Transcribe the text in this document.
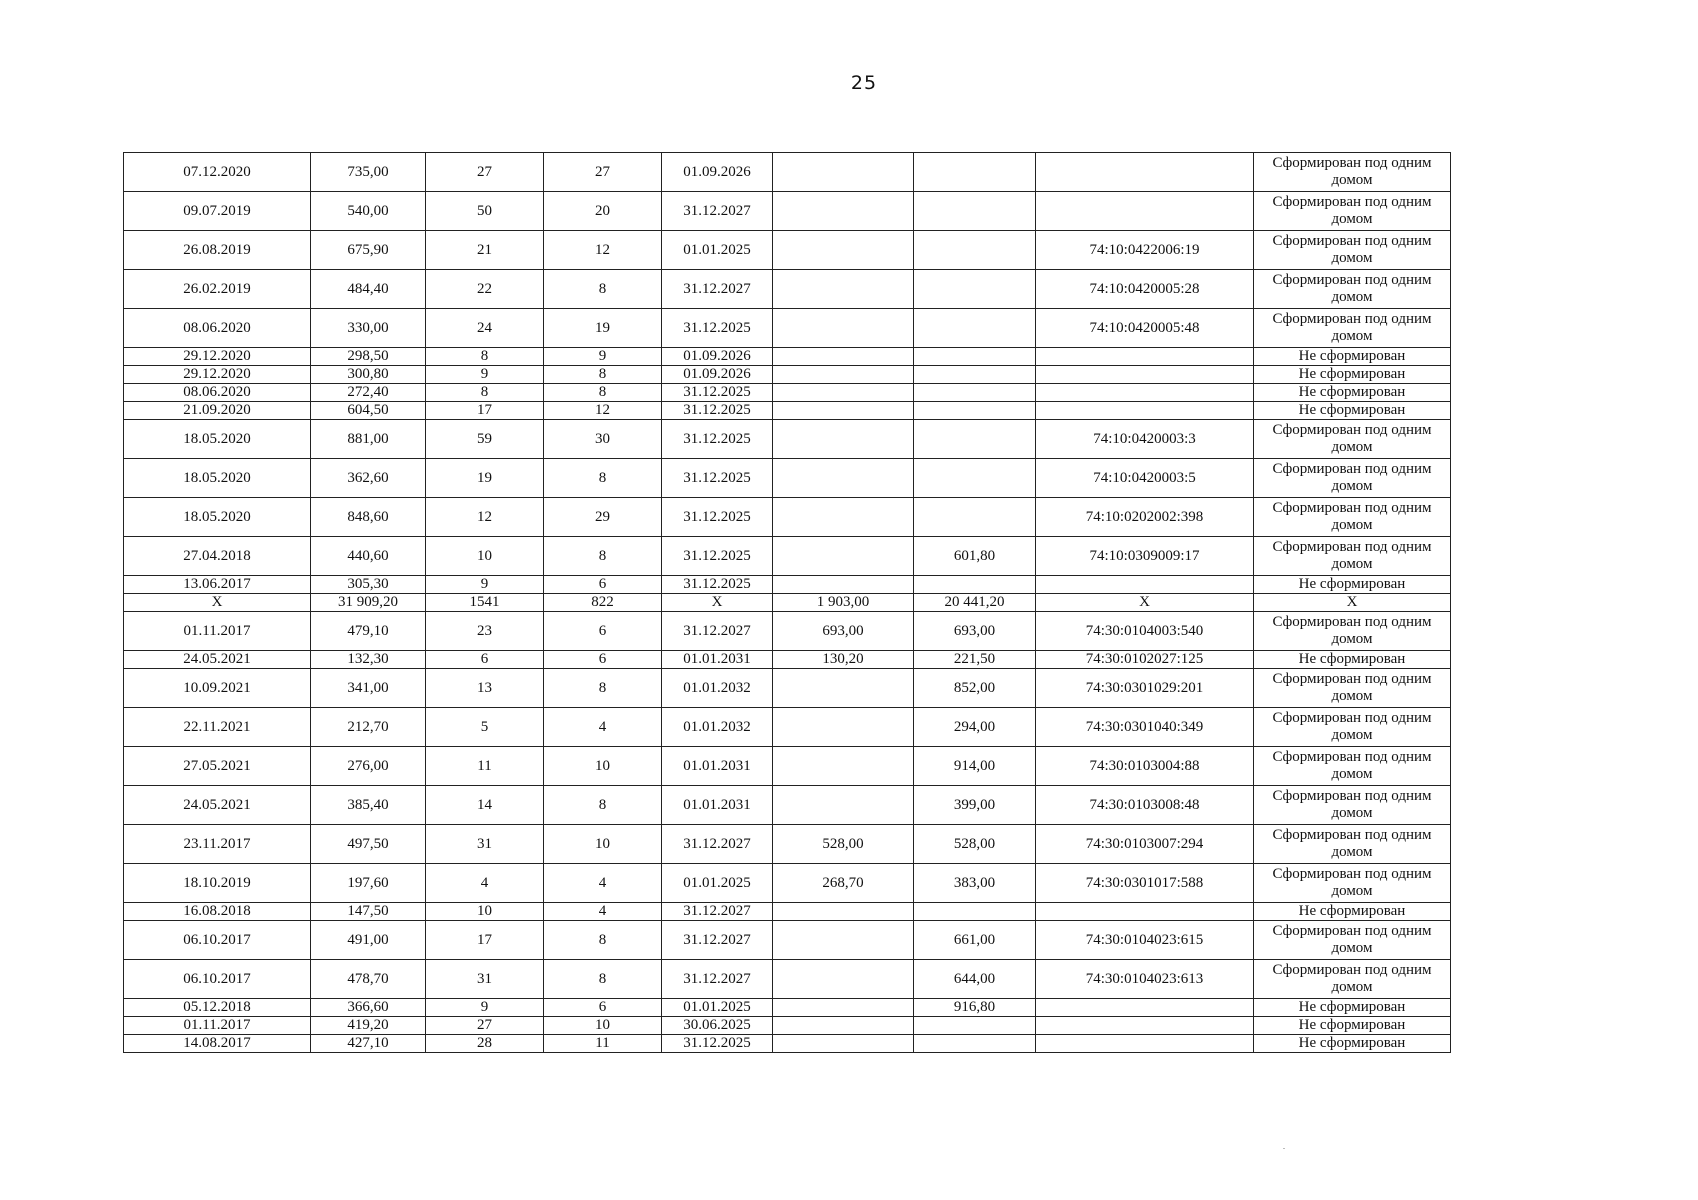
25
07.12.2020	735,00	27	27	01.09.2026				Сформирован под одним
домом

09.07.2019	540,00	50	20	31.12.2027				Сформирован под одним
домом

26.08.2019	675,90	21	12	01.01.2025			74:10:0422006:19	Сформирован под одним
домом

26.02.2019	484,40	22	8	31.12.2027			74:10:0420005:28	Сформирован под одним
домом

08.06.2020	330,00	24	19	31.12.2025			74:10:0420005:48	Сформирован под одним
домом

29.12.2020	298,50	8	9	01.09.2026				Не сформирован
29.12.2020	300,80	9	8	01.09.2026				Не сформирован
08.06.2020	272,40	8	8	31.12.2025				Не сформирован
21.09.2020	604,50	17	12	31.12.2025				Не сформирован
18.05.2020	881,00	59	30	31.12.2025			74:10:0420003:3	Сформирован под одним
домом

18.05.2020	362,60	19	8	31.12.2025			74:10:0420003:5	Сформирован под одним
домом

18.05.2020	848,60	12	29	31.12.2025			74:10:0202002:398	Сформирован под одним
домом

27.04.2018	440,60	10	8	31.12.2025		601,80	74:10:0309009:17	Сформирован под одним
домом

13.06.2017	305,30	9	6	31.12.2025				Не сформирован
Х	31 909,20	1541	822	Х	1 903,00	20 441,20	Х	Х
01.11.2017	479,10	23	6	31.12.2027	693,00	693,00	74:30:0104003:540	Сформирован под одним
домом

24.05.2021	132,30	6	6	01.01.2031	130,20	221,50	74:30:0102027:125	Не сформирован
10.09.2021	341,00	13	8	01.01.2032		852,00	74:30:0301029:201	Сформирован под одним
домом

22.11.2021	212,70	5	4	01.01.2032		294,00	74:30:0301040:349	Сформирован под одним
домом

27.05.2021	276,00	11	10	01.01.2031		914,00	74:30:0103004:88	Сформирован под одним
домом

24.05.2021	385,40	14	8	01.01.2031		399,00	74:30:0103008:48	Сформирован под одним
домом

23.11.2017	497,50	31	10	31.12.2027	528,00	528,00	74:30:0103007:294	Сформирован под одним
домом

18.10.2019	197,60	4	4	01.01.2025	268,70	383,00	74:30:0301017:588	Сформирован под одним
домом

16.08.2018	147,50	10	4	31.12.2027				Не сформирован
06.10.2017	491,00	17	8	31.12.2027		661,00	74:30:0104023:615	Сформирован под одним
домом

06.10.2017	478,70	31	8	31.12.2027		644,00	74:30:0104023:613	Сформирован под одним
домом

05.12.2018	366,60	9	6	01.01.2025		916,80		Не сформирован
01.11.2017	419,20	27	10	30.06.2025				Не сформирован
14.08.2017	427,10	28	11	31.12.2025				Не сформирован
